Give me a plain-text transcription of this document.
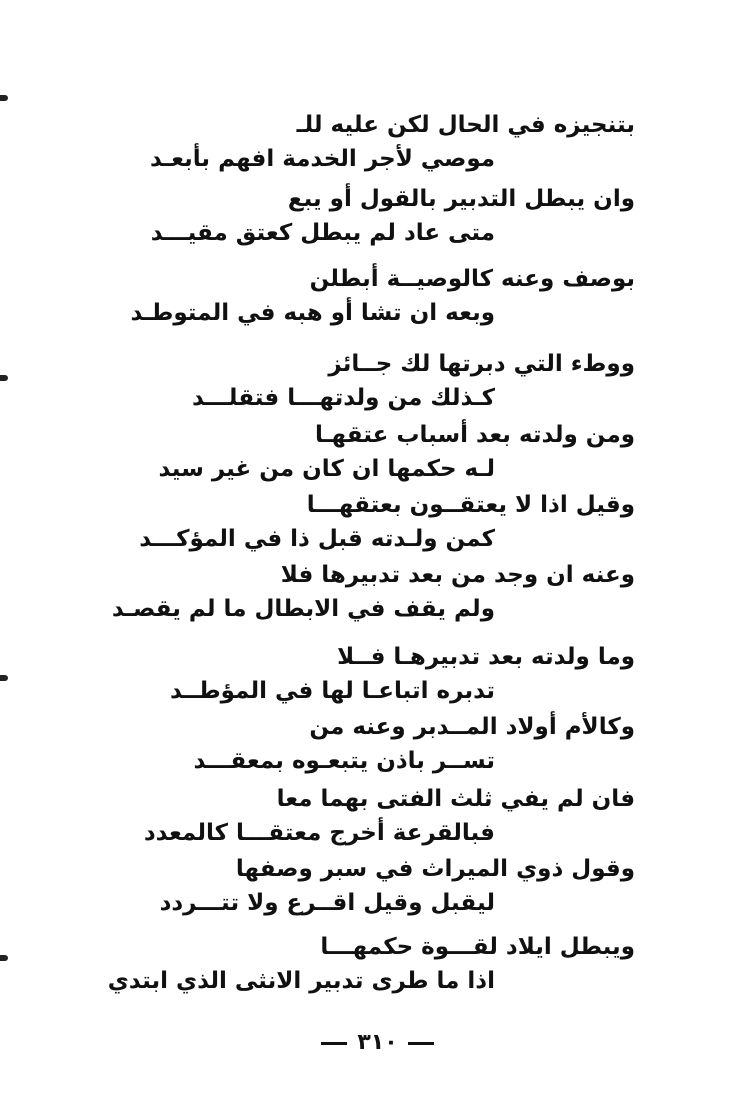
بتنجيزه في الحال لكن عليه للـ
موصي لأجر الخدمة افهم بأبعـد
وان يبطل التدبير بالقول أو يبع
متى عاد لم يبطل كعتق مقيـــد
بوصف وعنه كالوصيــة أبطلن
وبعه ان تشا أو هبه في المتوطـد
ووطء التي دبرتها لك جــائز
كـذلك من ولدتهـــا فتقلـــد
ومن ولدته بعد أسباب عتقهـا
لـه حكمها ان كان من غير سيد
وقيل اذا لا يعتقــون بعتقهـــا
كمن ولـدته قبل ذا في المؤكـــد
وعنه ان وجد من بعد تدبيرها فلا
ولم يقف في الابطال ما لم يقصـد
وما ولدته بعد تدبيرهـا فــلا
تدبره اتباعـا لها في المؤطــد
وكالأم أولاد المــدبر وعنه من
تســر باذن يتبعـوه بمعقـــد
فان لم يفي ثلث الفتى بهما معا
فبالقرعة أخرج معتقـــا كالمعدد
وقول ذوي الميراث في سبر وصفها
ليقبل وقيل اقــرع ولا تتـــردد
ويبطل ايلاد لقـــوة حكمهـــا
اذا ما طرى تدبير الانثى الذي ابتدي
٣١٠
